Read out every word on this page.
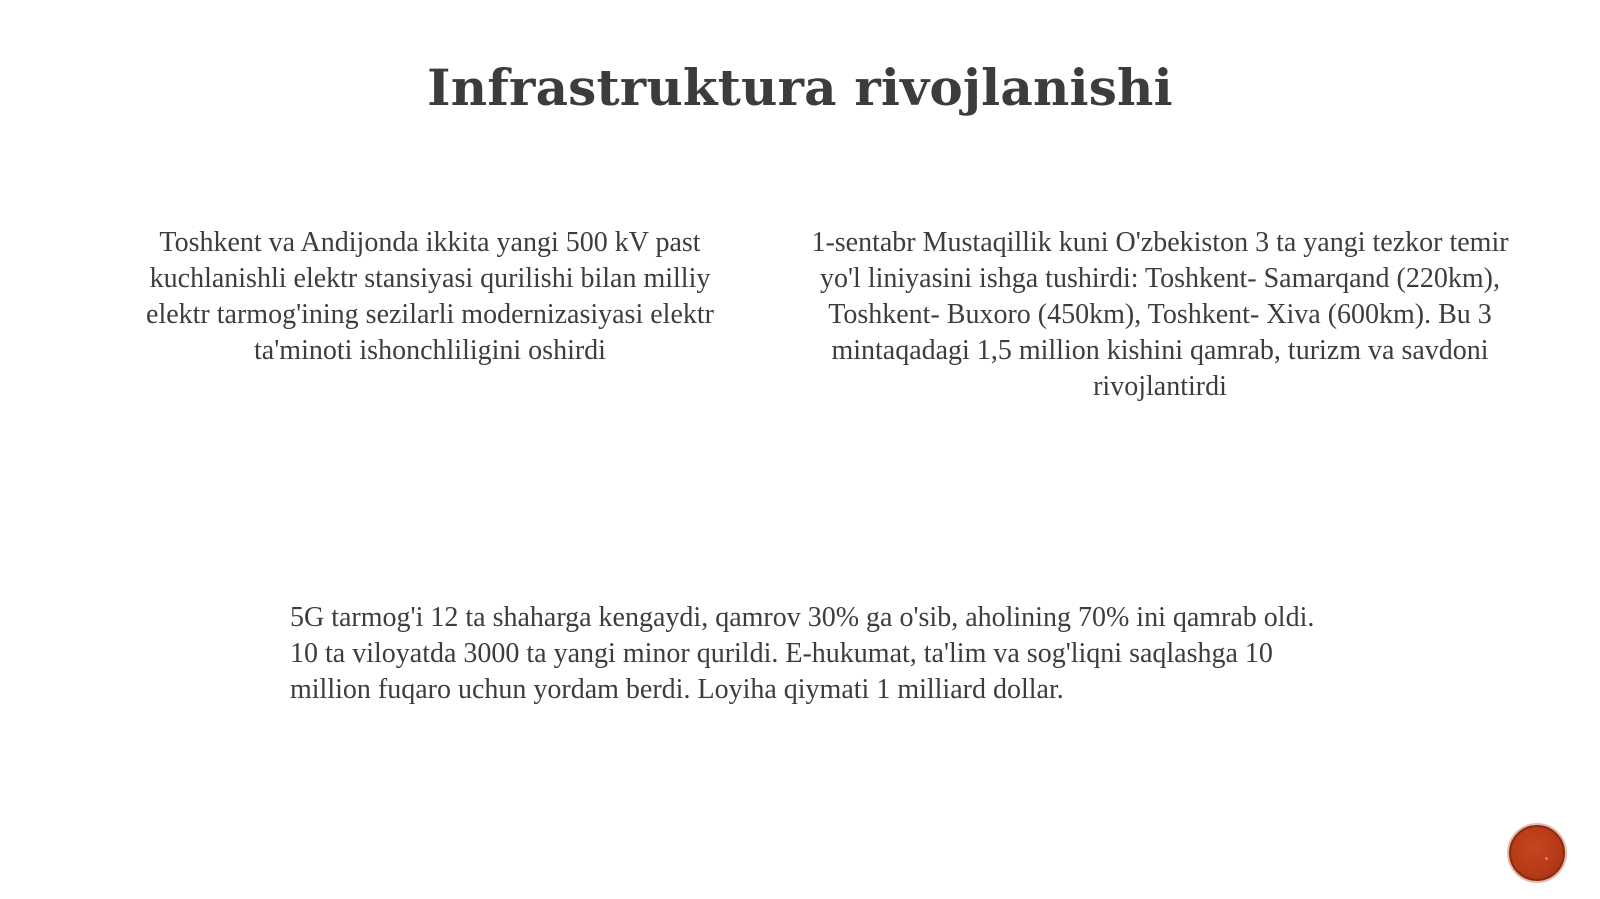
Infrastruktura rivojlanishi
Toshkent va Andijonda ikkita yangi 500 kV past kuchlanishli elektr stansiyasi qurilishi bilan milliy elektr tarmog'ining sezilarli modernizasiyasi elektr ta'minoti ishonchliligini oshirdi
1-sentabr Mustaqillik kuni O'zbekiston 3 ta yangi tezkor temir yo'l liniyasini ishga tushirdi: Toshkent- Samarqand (220km), Toshkent- Buxoro (450km), Toshkent- Xiva (600km). Bu 3 mintaqadagi 1,5 million kishini qamrab, turizm va savdoni rivojlantirdi
5G tarmog'i 12 ta shaharga kengaydi, qamrov 30% ga o'sib, aholining 70% ini qamrab oldi. 10 ta viloyatda 3000 ta yangi minor qurildi. E-hukumat, ta'lim va sog'liqni saqlashga 10 million fuqaro uchun yordam berdi. Loyiha qiymati 1 milliard dollar.
